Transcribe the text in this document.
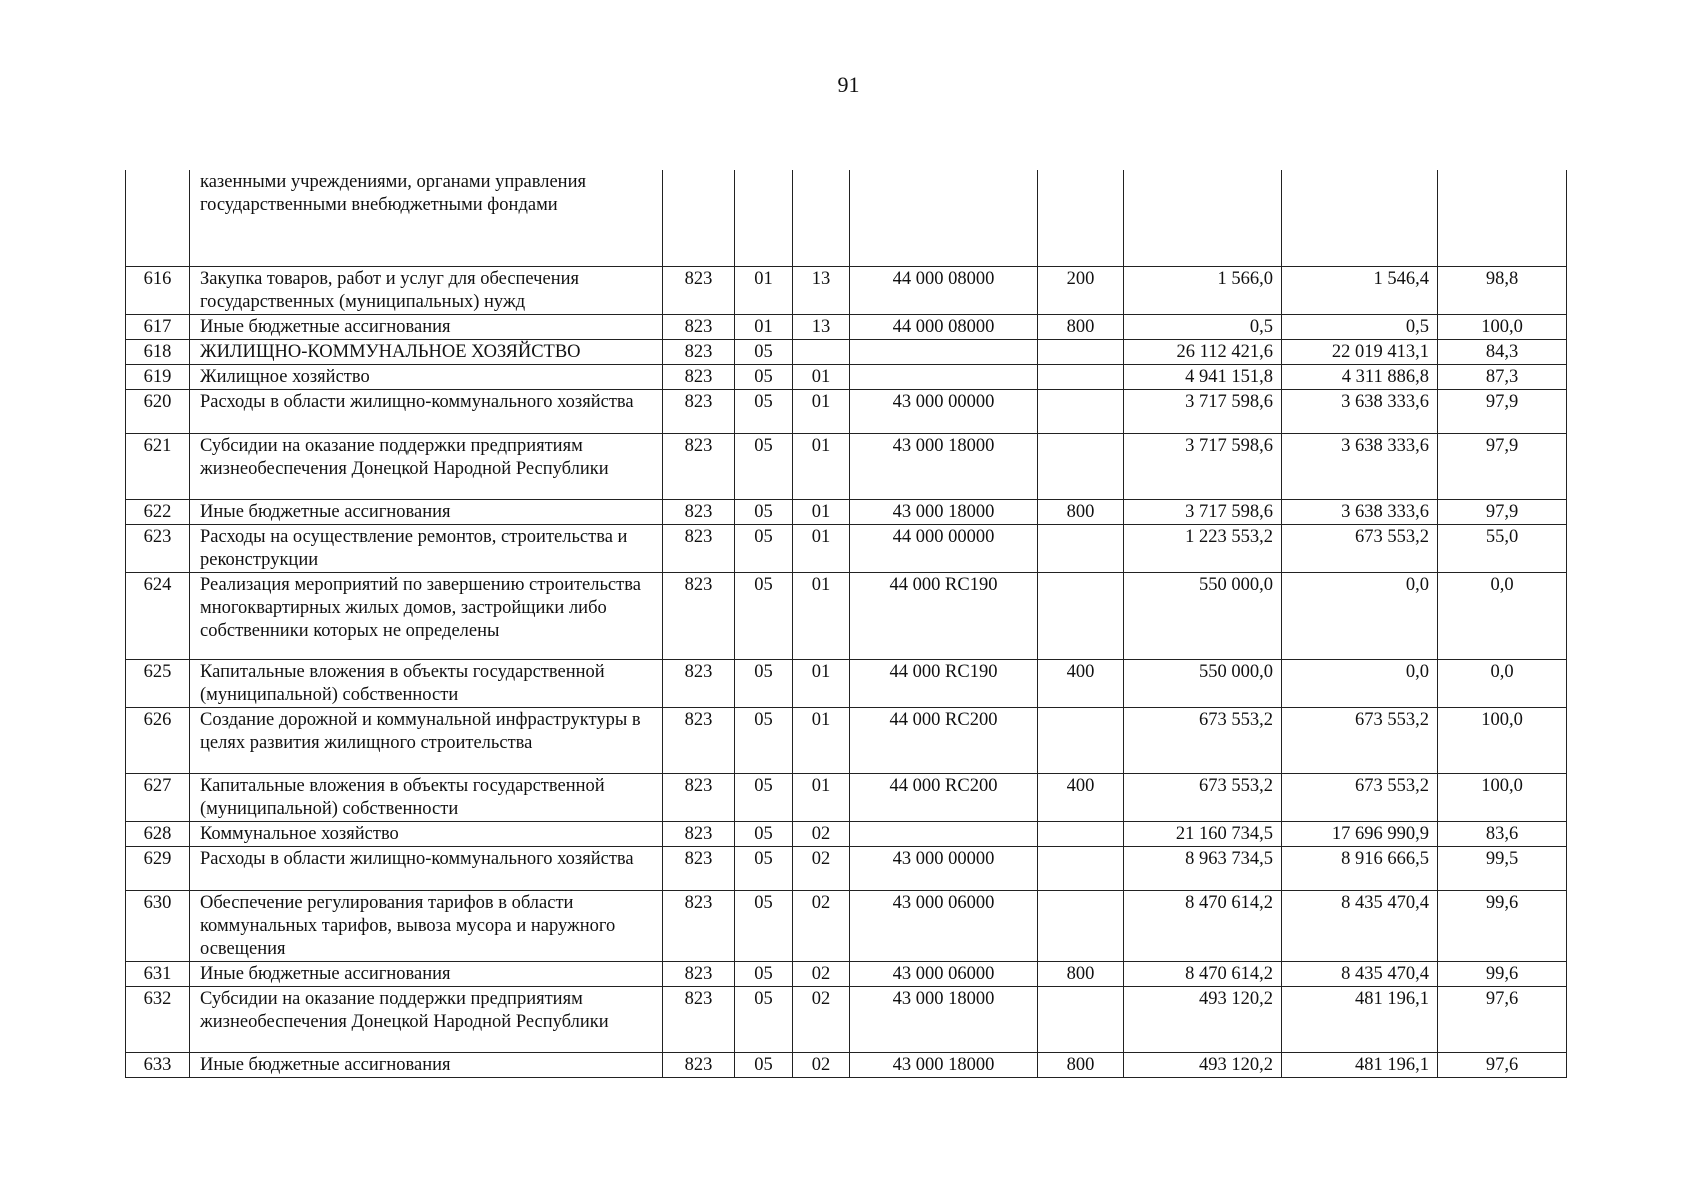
91
	казенными учреждениями, органами управления государственными внебюджетными фондами								
616	Закупка товаров, работ и услуг для обеспечения государственных (муниципальных) нужд	823	01	13	44 000 08000	200	1 566,0	1 546,4	98,8
617	Иные бюджетные ассигнования	823	01	13	44 000 08000	800	0,5	0,5	100,0
618	ЖИЛИЩНО-КОММУНАЛЬНОЕ ХОЗЯЙСТВО	823	05				26 112 421,6	22 019 413,1	84,3
619	Жилищное хозяйство	823	05	01			4 941 151,8	4 311 886,8	87,3
620	Расходы в области жилищно-коммунального хозяйства	823	05	01	43 000 00000		3 717 598,6	3 638 333,6	97,9
621	Субсидии на оказание поддержки предприятиям жизнеобеспечения Донецкой Народной Республики	823	05	01	43 000 18000		3 717 598,6	3 638 333,6	97,9
622	Иные бюджетные ассигнования	823	05	01	43 000 18000	800	3 717 598,6	3 638 333,6	97,9
623	Расходы на осуществление ремонтов, строительства и реконструкции	823	05	01	44 000 00000		1 223 553,2	673 553,2	55,0
624	Реализация мероприятий по завершению строительства многоквартирных жилых домов, застройщики либо собственники которых не определены	823	05	01	44 000 RC190		550 000,0	0,0	0,0
625	Капитальные вложения в объекты государственной (муниципальной) собственности	823	05	01	44 000 RC190	400	550 000,0	0,0	0,0
626	Создание дорожной и коммунальной инфраструктуры в целях развития жилищного строительства	823	05	01	44 000 RC200		673 553,2	673 553,2	100,0
627	Капитальные вложения в объекты государственной (муниципальной) собственности	823	05	01	44 000 RC200	400	673 553,2	673 553,2	100,0
628	Коммунальное хозяйство	823	05	02			21 160 734,5	17 696 990,9	83,6
629	Расходы в области жилищно-коммунального хозяйства	823	05	02	43 000 00000		8 963 734,5	8 916 666,5	99,5
630	Обеспечение регулирования тарифов в области коммунальных тарифов, вывоза мусора и наружного освещения	823	05	02	43 000 06000		8 470 614,2	8 435 470,4	99,6
631	Иные бюджетные ассигнования	823	05	02	43 000 06000	800	8 470 614,2	8 435 470,4	99,6
632	Субсидии на оказание поддержки предприятиям жизнеобеспечения Донецкой Народной Республики	823	05	02	43 000 18000		493 120,2	481 196,1	97,6
633	Иные бюджетные ассигнования	823	05	02	43 000 18000	800	493 120,2	481 196,1	97,6
